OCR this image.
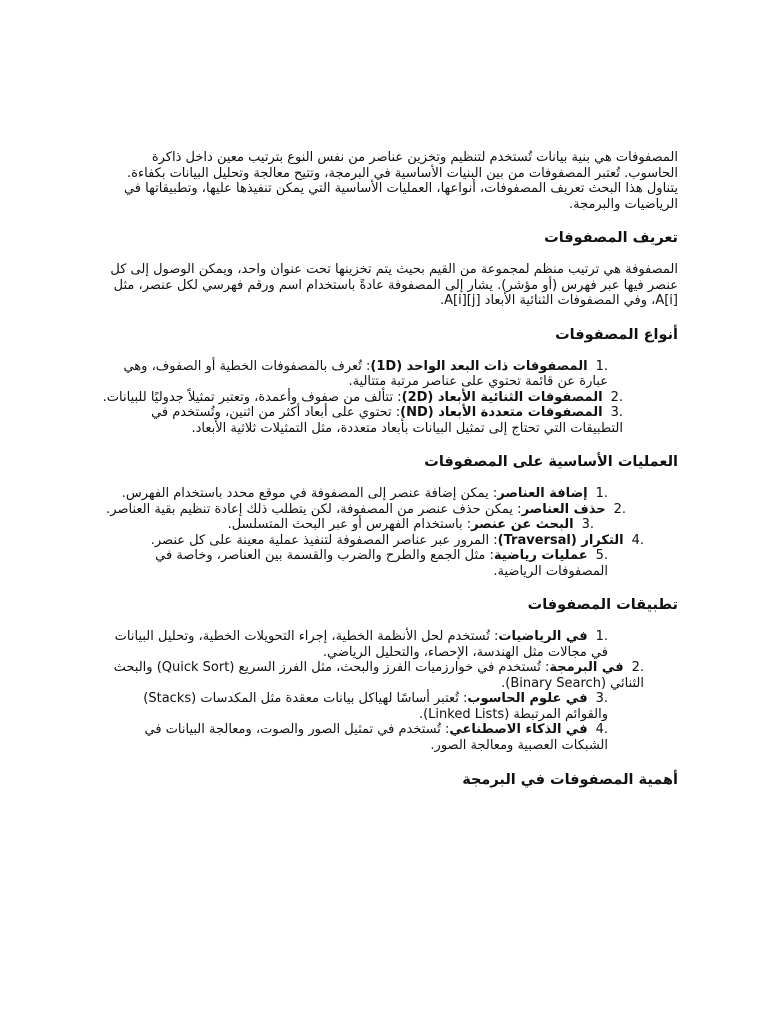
المصفوفات هي بنية بيانات تُستخدم لتنظيم وتخزين عناصر من نفس النوع بترتيب معين داخل ذاكرة الحاسوب. تُعتبر المصفوفات من بين البنيات الأساسية في البرمجة، وتتيح معالجة وتحليل البيانات بكفاءة. يتناول هذا البحث تعريف المصفوفات، أنواعها، العمليات الأساسية التي يمكن تنفيذها عليها، وتطبيقاتها في الرياضيات والبرمجة.

تعريف المصفوفات

المصفوفة هي ترتيب منظم لمجموعة من القيم بحيث يتم تخزينها تحت عنوان واحد، ويمكن الوصول إلى كل عنصر فيها عبر فهرس (أو مؤشر). يشار إلى المصفوفة عادةً باستخدام اسم ورقم فهرسي لكل عنصر، مثل A[i]، وفي المصفوفات الثنائية الأبعاد A[i][j].

أنواع المصفوفات
1.المصفوفات ذات البعد الواحد (1D): تُعرف بالمصفوفات الخطية أو الصفوف، وهي عبارة عن قائمة تحتوي على عناصر مرتبة متتالية.
2.المصفوفات الثنائية الأبعاد (2D): تتألف من صفوف وأعمدة، وتعتبر تمثيلاً جدوليًا للبيانات.
3.المصفوفات متعددة الأبعاد (ND): تحتوي على أبعاد أكثر من اثنين، وتُستخدم في التطبيقات التي تحتاج إلى تمثيل البيانات بأبعاد متعددة، مثل التمثيلات ثلاثية الأبعاد.
العمليات الأساسية على المصفوفات
1.إضافة العناصر: يمكن إضافة عنصر إلى المصفوفة في موقع محدد باستخدام الفهرس.
2.حذف العناصر: يمكن حذف عنصر من المصفوفة، لكن يتطلب ذلك إعادة تنظيم بقية العناصر.
3.البحث عن عنصر: باستخدام الفهرس أو عبر البحث المتسلسل.
4.التكرار (Traversal): المرور عبر عناصر المصفوفة لتنفيذ عملية معينة على كل عنصر.
5.عمليات رياضية: مثل الجمع والطرح والضرب والقسمة بين العناصر، وخاصة في المصفوفات الرياضية.
تطبيقات المصفوفات
1.في الرياضيات: تُستخدم لحل الأنظمة الخطية، إجراء التحويلات الخطية، وتحليل البيانات في مجالات مثل الهندسة، الإحصاء، والتحليل الرياضي.
2.في البرمجة: تُستخدم في خوارزميات الفرز والبحث، مثل الفرز السريع (Quick Sort) والبحث الثنائي (Binary Search).
3.في علوم الحاسوب: تُعتبر أساسًا لهياكل بيانات معقدة مثل المكدسات (Stacks) والقوائم المرتبطة (Linked Lists).
4.في الذكاء الاصطناعي: تُستخدم في تمثيل الصور والصوت، ومعالجة البيانات في الشبكات العصبية ومعالجة الصور.
أهمية المصفوفات في البرمجة
